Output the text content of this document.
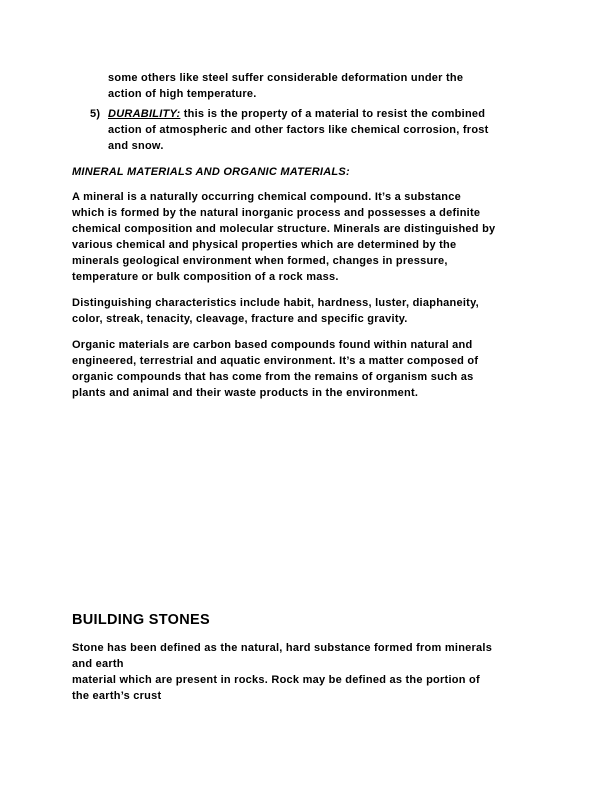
some others like steel suffer considerable deformation under the
action of high temperature.
5) DURABILITY: this is the property of a material to resist the combined
action of atmospheric and other factors like chemical corrosion, frost
and snow.
MINERAL MATERIALS AND ORGANIC MATERIALS:
A mineral is a naturally occurring chemical compound. It’s a substance
which is formed by the natural inorganic process and possesses a definite
chemical composition and molecular structure. Minerals are distinguished by
various chemical and physical properties which are determined by the
minerals geological environment when formed, changes in pressure,
temperature or bulk composition of a rock mass.
Distinguishing characteristics include habit, hardness, luster, diaphaneity,
color, streak, tenacity, cleavage, fracture and specific gravity.
Organic materials are carbon based compounds found within natural and
engineered, terrestrial and aquatic environment. It’s a matter composed of
organic compounds that has come from the remains of organism such as
plants and animal and their waste products in the environment.
BUILDING STONES
Stone has been defined as the natural, hard substance formed from minerals
and earth
material which are present in rocks. Rock may be defined as the portion of
the earth’s crust
